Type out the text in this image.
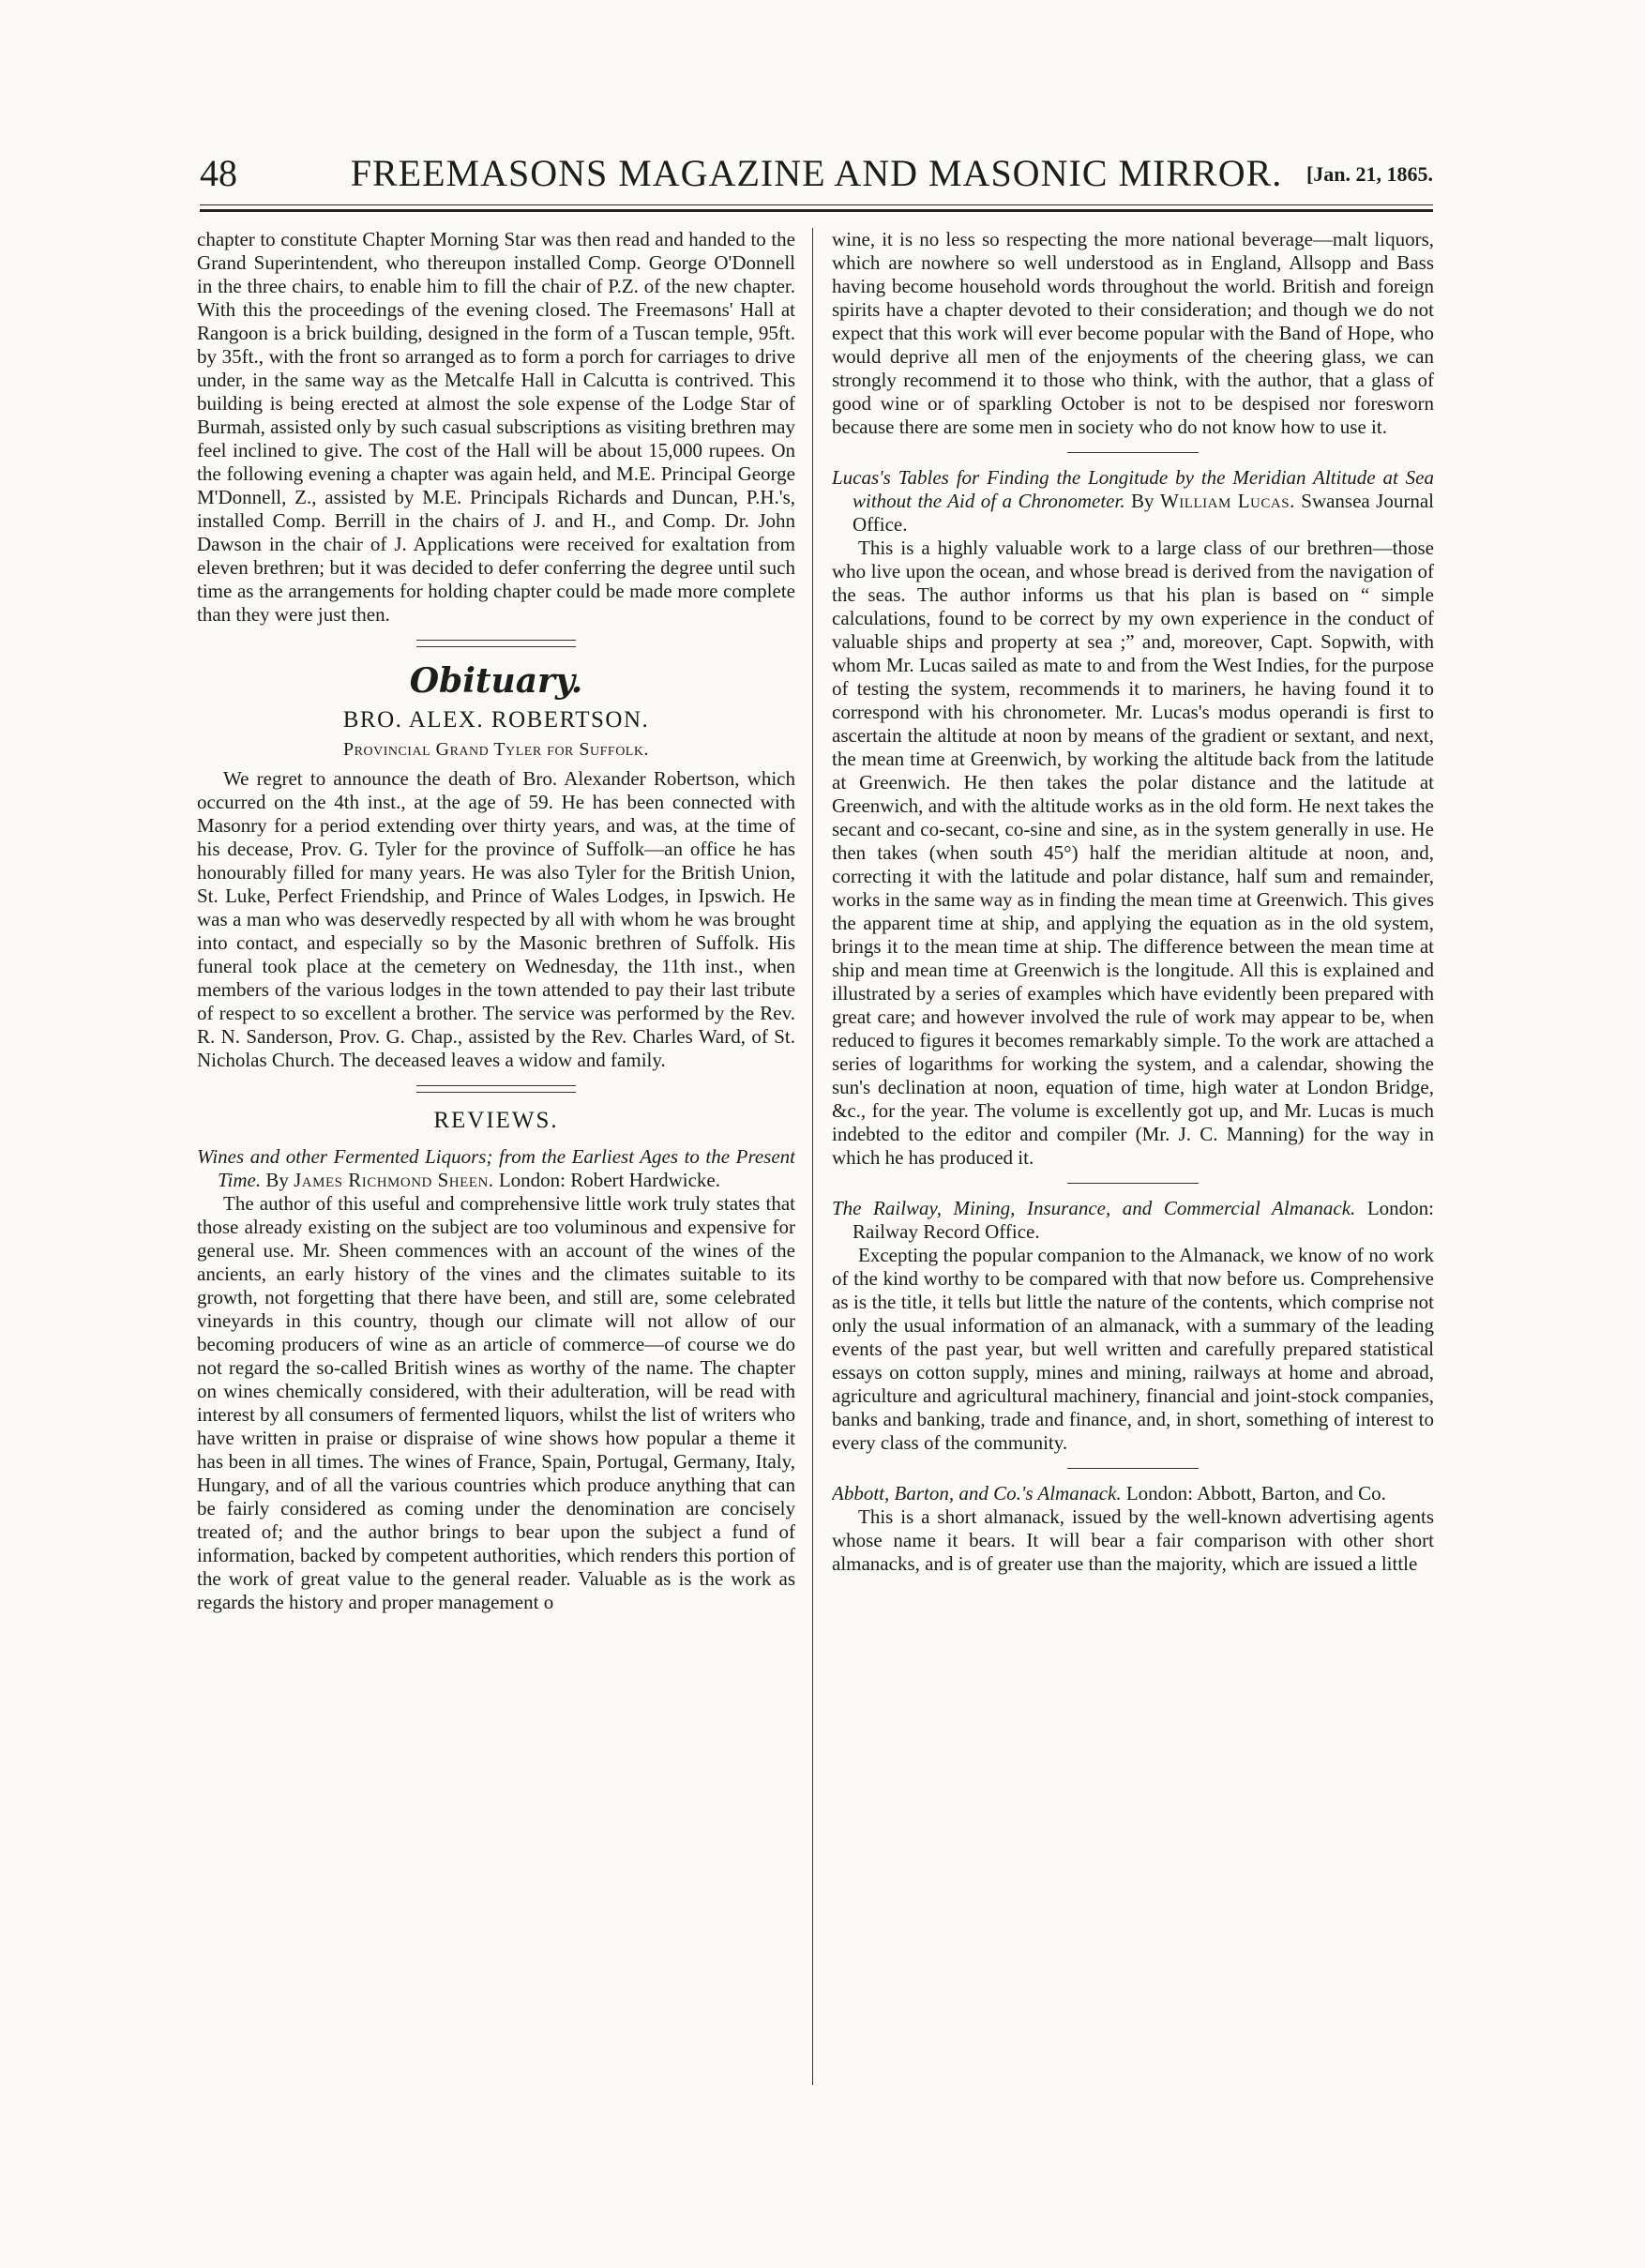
48	FREEMASONS MAGAZINE AND MASONIC MIRROR.	[Jan. 21, 1865.

chapter to constitute Chapter Morning Star was then read and handed to the Grand Superintendent, who thereupon installed Comp. George O'Donnell in the three chairs, to enable him to fill the chair of P.Z. of the new chapter. With this the proceedings of the evening closed. The Freemasons' Hall at Rangoon is a brick building, designed in the form of a Tuscan temple, 95ft. by 35ft., with the front so arranged as to form a porch for carriages to drive under, in the same way as the Metcalfe Hall in Calcutta is contrived. This building is being erected at almost the sole expense of the Lodge Star of Burmah, assisted only by such casual subscriptions as visiting brethren may feel inclined to give. The cost of the Hall will be about 15,000 rupees. On the following evening a chapter was again held, and M.E. Principal George M'Donnell, Z., assisted by M.E. Principals Richards and Duncan, P.H.'s, installed Comp. Berrill in the chairs of J. and H., and Comp. Dr. John Dawson in the chair of J. Applications were received for exaltation from eleven brethren; but it was decided to defer conferring the degree until such time as the arrangements for holding chapter could be made more complete than they were just then.

Obituary.
BRO. ALEX. ROBERTSON.
Provincial Grand Tyler for Suffolk.

We regret to announce the death of Bro. Alexander Robertson, which occurred on the 4th inst., at the age of 59. He has been connected with Masonry for a period extending over thirty years, and was, at the time of his decease, Prov. G. Tyler for the province of Suffolk—an office he has honourably filled for many years. He was also Tyler for the British Union, St. Luke, Perfect Friendship, and Prince of Wales Lodges, in Ipswich. He was a man who was deservedly respected by all with whom he was brought into contact, and especially so by the Masonic brethren of Suffolk. His funeral took place at the cemetery on Wednesday, the 11th inst., when members of the various lodges in the town attended to pay their last tribute of respect to so excellent a brother. The service was performed by the Rev. R. N. Sanderson, Prov. G. Chap., assisted by the Rev. Charles Ward, of St. Nicholas Church. The deceased leaves a widow and family.

REVIEWS.

Wines and other Fermented Liquors; from the Earliest Ages to the Present Time. By James Richmond Sheen. London: Robert Hardwicke.

The author of this useful and comprehensive little work truly states that those already existing on the subject are too voluminous and expensive for general use. Mr. Sheen commences with an account of the wines of the ancients, an early history of the vines and the climates suitable to its growth, not forgetting that there have been, and still are, some celebrated vineyards in this country, though our climate will not allow of our becoming producers of wine as an article of commerce—of course we do not regard the so-called British wines as worthy of the name. The chapter on wines chemically considered, with their adulteration, will be read with interest by all consumers of fermented liquors, whilst the list of writers who have written in praise or dispraise of wine shows how popular a theme it has been in all times. The wines of France, Spain, Portugal, Germany, Italy, Hungary, and of all the various countries which produce anything that can be fairly considered as coming under the denomination are concisely treated of; and the author brings to bear upon the subject a fund of information, backed by competent authorities, which renders this portion of the work of great value to the general reader. Valuable as is the work as regards the history and proper management o

wine, it is no less so respecting the more national beverage—malt liquors, which are nowhere so well understood as in England, Allsopp and Bass having become household words throughout the world. British and foreign spirits have a chapter devoted to their consideration; and though we do not expect that this work will ever become popular with the Band of Hope, who would deprive all men of the enjoyments of the cheering glass, we can strongly recommend it to those who think, with the author, that a glass of good wine or of sparkling October is not to be despised nor foresworn because there are some men in society who do not know how to use it.

Lucas's Tables for Finding the Longitude by the Meridian Altitude at Sea without the Aid of a Chronometer. By William Lucas. Swansea Journal Office.

This is a highly valuable work to a large class of our brethren—those who live upon the ocean, and whose bread is derived from the navigation of the seas. The author informs us that his plan is based on “ simple calculations, found to be correct by my own experience in the conduct of valuable ships and property at sea ;” and, moreover, Capt. Sopwith, with whom Mr. Lucas sailed as mate to and from the West Indies, for the purpose of testing the system, recommends it to mariners, he having found it to correspond with his chronometer. Mr. Lucas's modus operandi is first to ascertain the altitude at noon by means of the gradient or sextant, and next, the mean time at Greenwich, by working the altitude back from the latitude at Greenwich. He then takes the polar distance and the latitude at Greenwich, and with the altitude works as in the old form. He next takes the secant and co-secant, co-sine and sine, as in the system generally in use. He then takes (when south 45°) half the meridian altitude at noon, and, correcting it with the latitude and polar distance, half sum and remainder, works in the same way as in finding the mean time at Greenwich. This gives the apparent time at ship, and applying the equation as in the old system, brings it to the mean time at ship. The difference between the mean time at ship and mean time at Greenwich is the longitude. All this is explained and illustrated by a series of examples which have evidently been prepared with great care; and however involved the rule of work may appear to be, when reduced to figures it becomes remarkably simple. To the work are attached a series of logarithms for working the system, and a calendar, showing the sun's declination at noon, equation of time, high water at London Bridge, &c., for the year. The volume is excellently got up, and Mr. Lucas is much indebted to the editor and compiler (Mr. J. C. Manning) for the way in which he has produced it.

The Railway, Mining, Insurance, and Commercial Almanack. London: Railway Record Office.

Excepting the popular companion to the Almanack, we know of no work of the kind worthy to be compared with that now before us. Comprehensive as is the title, it tells but little the nature of the contents, which comprise not only the usual information of an almanack, with a summary of the leading events of the past year, but well written and carefully prepared statistical essays on cotton supply, mines and mining, railways at home and abroad, agriculture and agricultural machinery, financial and joint-stock companies, banks and banking, trade and finance, and, in short, something of interest to every class of the community.

Abbott, Barton, and Co.'s Almanack. London: Abbott, Barton, and Co.

This is a short almanack, issued by the well-known advertising agents whose name it bears. It will bear a fair comparison with other short almanacks, and is of greater use than the majority, which are issued a little
